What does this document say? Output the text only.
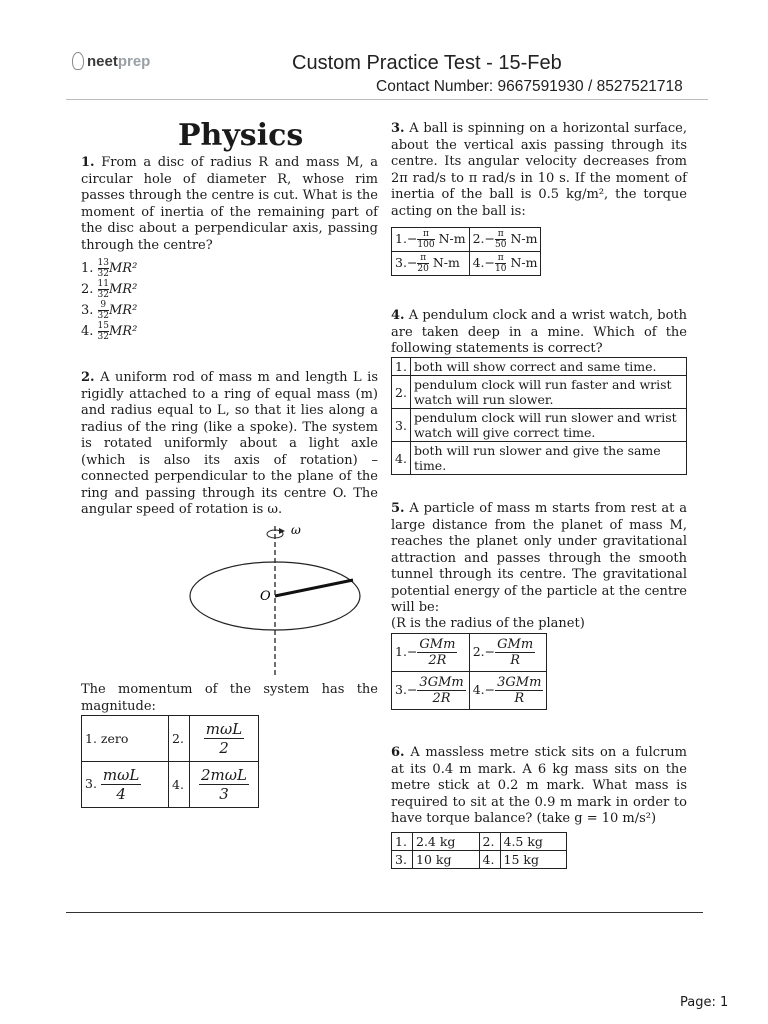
neetprep	Custom Practice Test - 15-Feb
Contact Number: 9667591930 / 8527521718
Physics
1. From a disc of radius R and mass M, a circular hole of diameter R, whose rim passes through the centre is cut. What is the moment of inertia of the remaining part of the disc about a perpendicular axis, passing through the centre?
1. $\frac{13}{32} MR^2$
2. $\frac{11}{32} MR^2$
3. $\frac{9}{32} MR^2$
4. $\frac{15}{32} MR^2$
2. A uniform rod of mass m and length L is rigidly attached to a ring of equal mass (m) and radius equal to L, so that it lies along a radius of the ring (like a spoke). The system is rotated uniformly about a light axle (which is also its axis of rotation) – connected perpendicular to the plane of the ring and passing through its centre O. The angular speed of rotation is ω.
ω
O
The momentum of the system has the magnitude:
1. zero	2.	$\frac{\text{mωL}}{2}$

3. $\frac{\text{mωL}}{4}$	4.	$\frac{\text{2mωL}}{3}$
3. A ball is spinning on a horizontal surface, about the vertical axis passing through its centre. Its angular velocity decreases from 2π rad/s to π rad/s in 10 s. If the moment of inertia of the ball is 0.5 kg/m², the torque acting on the ball is:
$1.- \frac{\pi}{100} N-m$	$2.- \frac{\pi}{50} N-m$
$3.- \frac{\pi}{20} N-m$	$4.- \frac{\pi}{10} N-m$
4. A pendulum clock and a wrist watch, both are taken deep in a mine. Which of the following statements is correct?
1.	both will show correct and same time.
2.	pendulum clock will run faster and wrist watch will run slower.
3.	pendulum clock will run slower and wrist watch will give correct time.
4.	both will run slower and give the same time.
5. A particle of mass m starts from rest at a large distance from the planet of mass M, reaches the planet only under gravitational attraction and passes through the smooth tunnel through its centre. The gravitational potential energy of the particle at the centre will be:
(R is the radius of the planet)
$1.- \frac{\text{GMm}}{2R}$	$2.- \frac{\text{GMm}}{R}$

$3.- \frac{\text{3GMm}}{2R}$	$4.- \frac{\text{3GMm}}{R}$
6. A massless metre stick sits on a fulcrum at its 0.4 m mark. A 6 kg mass sits on the metre stick at 0.2 m mark. What mass is required to sit at the 0.9 m mark in order to have torque balance? (take g = 10 m/s²)
1.	2.4 kg	2.	4.5 kg
3.	10 kg	4.	15 kg
Page: 1
